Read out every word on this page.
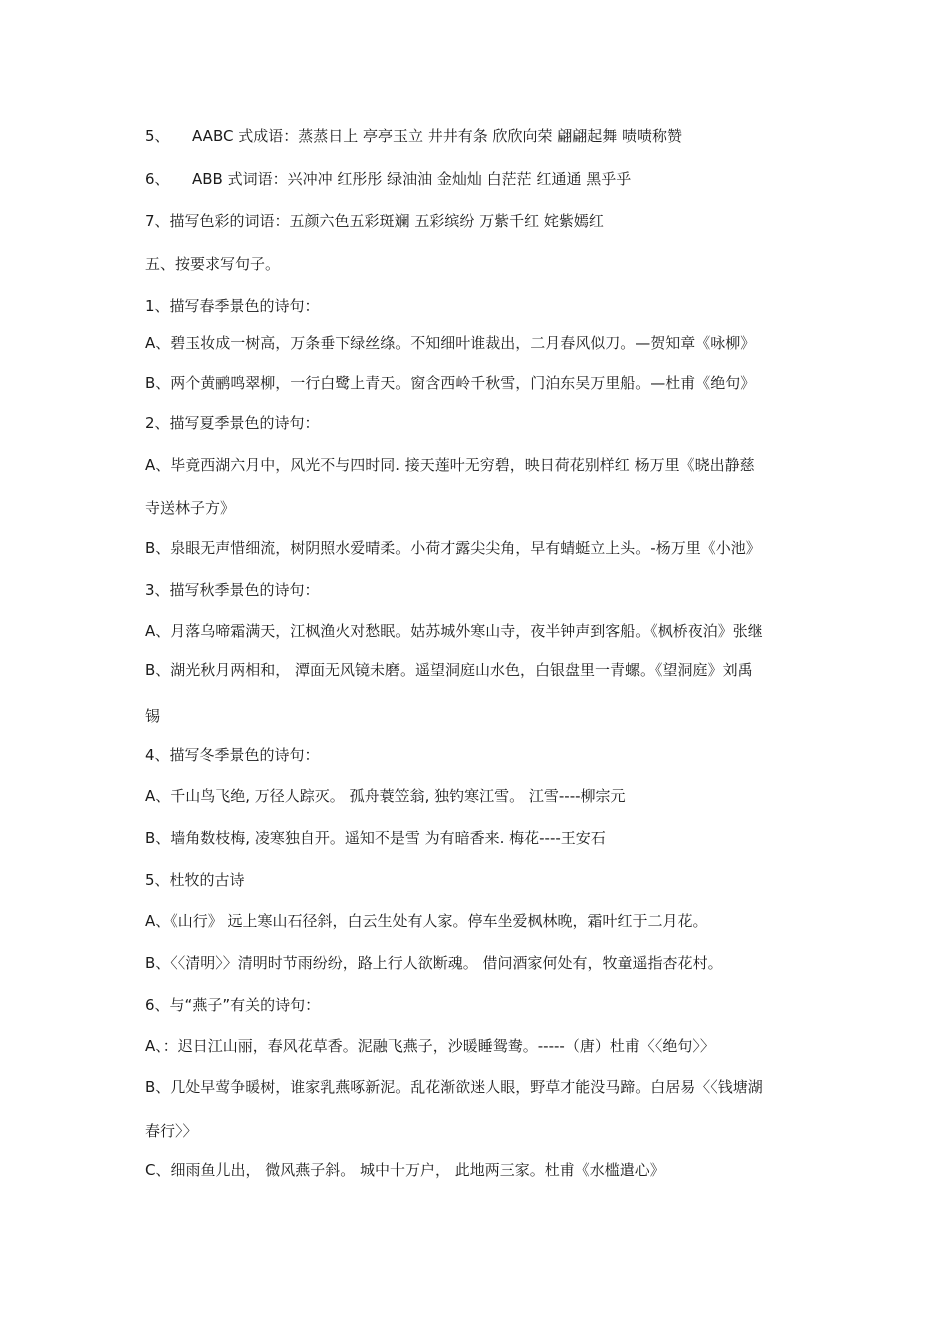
5、 AABC 式成语：蒸蒸日上 亭亭玉立 井井有条 欣欣向荣 翩翩起舞 啧啧称赞
6、 ABB 式词语：兴冲冲 红彤彤 绿油油 金灿灿 白茫茫 红通通 黑乎乎
7、描写色彩的词语：五颜六色五彩斑斓 五彩缤纷 万紫千红 姹紫嫣红
五、按要求写句子。
1、描写春季景色的诗句：
A、碧玉妆成一树高，万条垂下绿丝绦。不知细叶谁裁出，二月春风似刀。—贺知章《咏柳》
B、两个黄鹂鸣翠柳，一行白鹭上青天。窗含西岭千秋雪，门泊东吴万里船。—杜甫《绝句》
2、描写夏季景色的诗句：
A、毕竟西湖六月中，风光不与四时同. 接天莲叶无穷碧，映日荷花别样红 杨万里《晓出静慈
寺送林子方》
B、泉眼无声惜细流，树阴照水爱晴柔。小荷才露尖尖角，早有蜻蜓立上头。-杨万里《小池》
3、描写秋季景色的诗句：
A、月落乌啼霜满天，江枫渔火对愁眠。姑苏城外寒山寺，夜半钟声到客船。《枫桥夜泊》张继
B、湖光秋月两相和， 潭面无风镜未磨。遥望洞庭山水色，白银盘里一青螺。《望洞庭》刘禹
锡
4、描写冬季景色的诗句：
A、千山鸟飞绝, 万径人踪灭。 孤舟蓑笠翁, 独钓寒江雪。 江雪----柳宗元
B、墙角数枝梅, 凌寒独自开。遥知不是雪 为有暗香来. 梅花----王安石
5、杜牧的古诗
A、《山行》 远上寒山石径斜，白云生处有人家。停车坐爱枫林晚，霜叶红于二月花。
B、〈〈清明〉〉清明时节雨纷纷，路上行人欲断魂。 借问酒家何处有，牧童遥指杏花村。
6、与“燕子”有关的诗句：
A、：迟日江山丽，春风花草香。泥融飞燕子，沙暖睡鸳鸯。-----（唐）杜甫〈〈绝句〉〉
B、几处早莺争暖树，谁家乳燕啄新泥。乱花渐欲迷人眼，野草才能没马蹄。白居易〈〈钱塘湖
春行〉〉
C、细雨鱼儿出， 微风燕子斜。 城中十万户， 此地两三家。杜甫《水槛遣心》
